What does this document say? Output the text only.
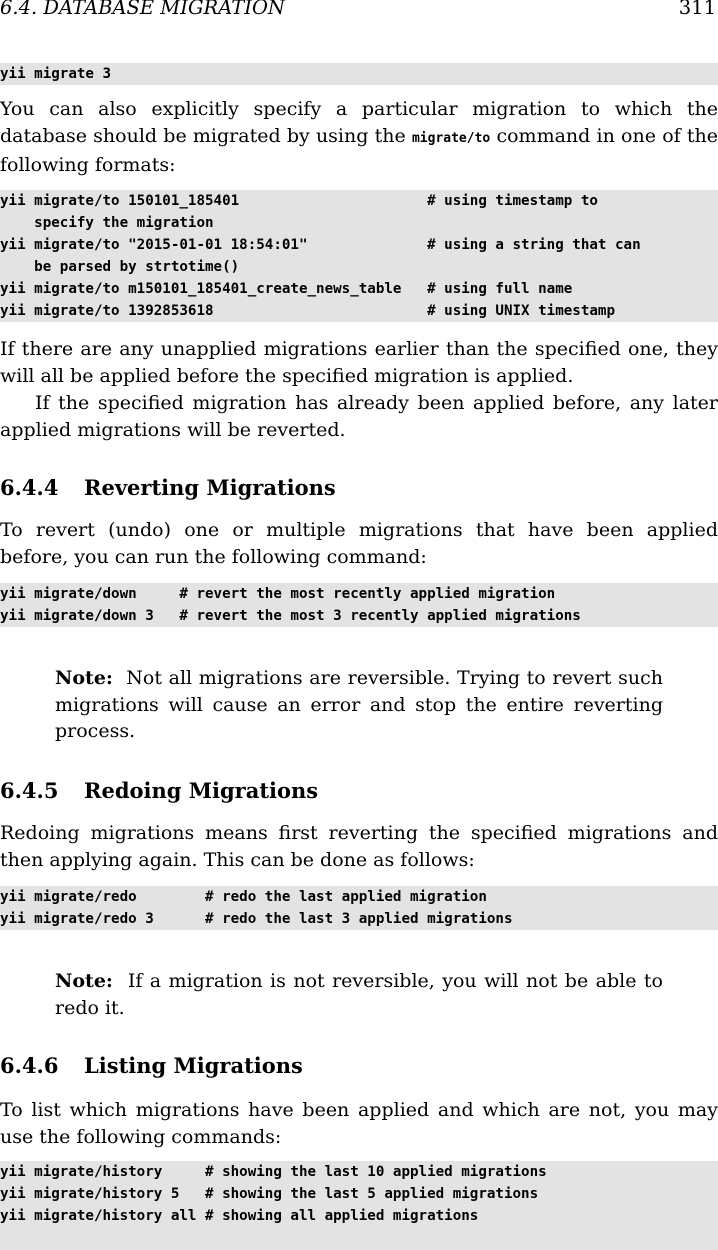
6.4. DATABASE MIGRATION	311
yii migrate 3
You can also explicitly specify a particular migration to which the database should be migrated by using the migrate/to command in one of the following formats:
yii migrate/to 150101_185401                      # using timestamp to
specify the migration
yii migrate/to "2015-01-01 18:54:01"              # using a string that can
be parsed by strtotime()
yii migrate/to m150101_185401_create_news_table   # using full name
yii migrate/to 1392853618                         # using UNIX timestamp
If there are any unapplied migrations earlier than the specified one, they will all be applied before the specified migration is applied.
If the specified migration has already been applied before, any later applied migrations will be reverted.
6.4.4 Reverting Migrations
To revert (undo) one or multiple migrations that have been applied before, you can run the following command:
yii migrate/down     # revert the most recently applied migration
yii migrate/down 3   # revert the most 3 recently applied migrations
Note: Not all migrations are reversible. Trying to revert such migrations will cause an error and stop the entire reverting process.
6.4.5 Redoing Migrations
Redoing migrations means first reverting the specified migrations and then applying again. This can be done as follows:
yii migrate/redo        # redo the last applied migration
yii migrate/redo 3      # redo the last 3 applied migrations
Note: If a migration is not reversible, you will not be able to redo it.
6.4.6 Listing Migrations
To list which migrations have been applied and which are not, you may use the following commands:
yii migrate/history     # showing the last 10 applied migrations
yii migrate/history 5   # showing the last 5 applied migrations
yii migrate/history all # showing all applied migrations
